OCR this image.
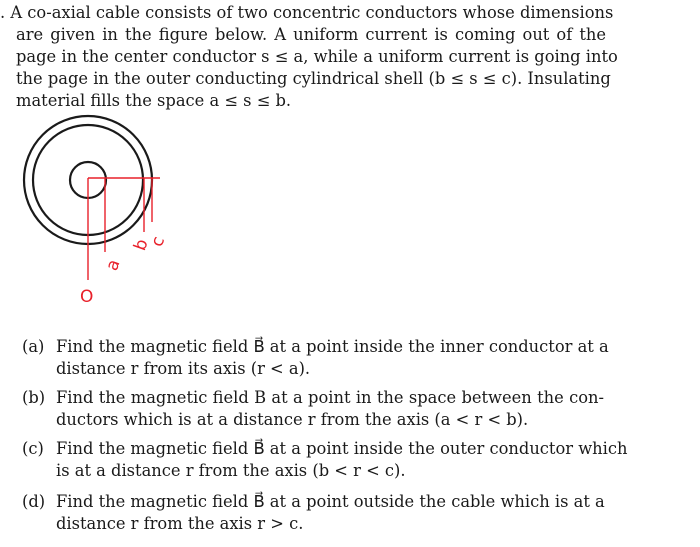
. A co-axial cable consists of two concentric conductors whose dimensions
are given in the figure below. A uniform current is coming out of the
page in the center conductor s ≤ a, while a uniform current is going into
the page in the outer conducting cylindrical shell (b ≤ s ≤ c). Insulating
material fills the space a ≤ s ≤ b.
O
a
b
c
(a) Find the magnetic field B⃗ at a point inside the inner conductor at a
distance r from its axis (r < a).
(b) Find the magnetic field B at a point in the space between the con-
ductors which is at a distance r from the axis (a < r < b).
(c) Find the magnetic field B⃗ at a point inside the outer conductor which
is at a distance r from the axis (b < r < c).
(d) Find the magnetic field B⃗ at a point outside the cable which is at a
distance r from the axis r > c.
